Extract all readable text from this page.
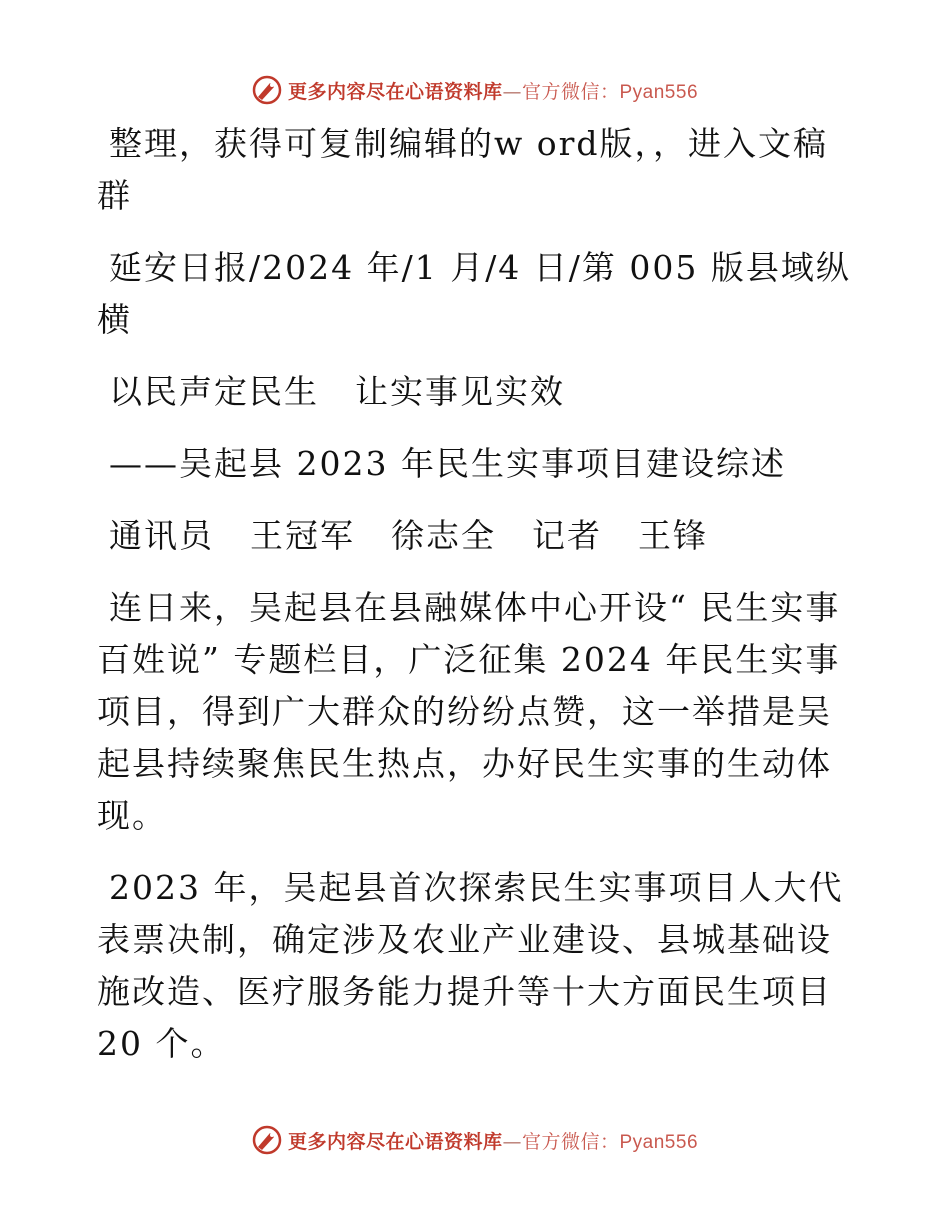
更多内容尽在心语资料库—官方微信：Pyan556

整理，获得可复制编辑的w ord版，，进入文稿群

延安日报/2024 年/1 月/4 日/第 005 版县域纵横

以民声定民生 让实事见实效

——吴起县 2023 年民生实事项目建设综述

通讯员 王冠军 徐志全 记者 王锋

连日来，吴起县在县融媒体中心开设“ 民生实事百姓说” 专题栏目，广泛征集 2024 年民生实事项目，得到广大群众的纷纷点赞，这一举措是吴起县持续聚焦民生热点，办好民生实事的生动体现。

2023 年，吴起县首次探索民生实事项目人大代表票决制，确定涉及农业产业建设、县城基础设施改造、医疗服务能力提升等十大方面民生项目 20 个。

更多内容尽在心语资料库—官方微信：Pyan556
